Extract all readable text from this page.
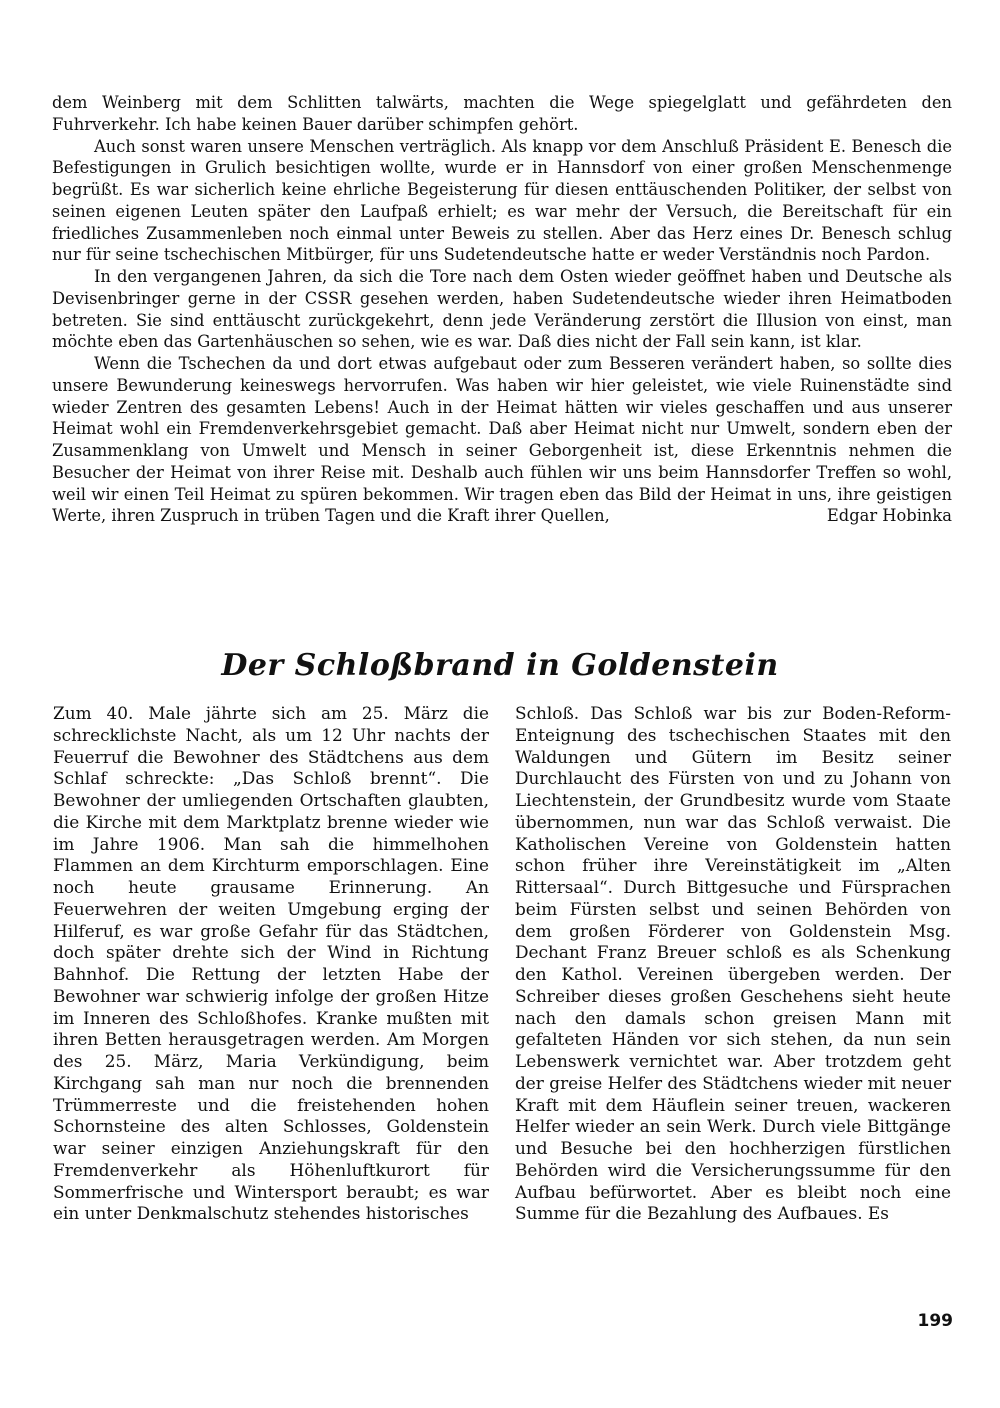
dem Weinberg mit dem Schlitten talwärts, machten die Wege spiegelglatt und gefährdeten den Fuhrverkehr. Ich habe keinen Bauer darüber schimpfen gehört.

Auch sonst waren unsere Menschen verträglich. Als knapp vor dem Anschluß Präsident E. Benesch die Befestigungen in Grulich besichtigen wollte, wurde er in Hannsdorf von einer großen Menschenmenge begrüßt. Es war sicherlich keine ehrliche Begeisterung für diesen enttäuschenden Politiker, der selbst von seinen eigenen Leuten später den Laufpaß erhielt; es war mehr der Versuch, die Bereitschaft für ein friedliches Zusammenleben noch einmal unter Beweis zu stellen. Aber das Herz eines Dr. Benesch schlug nur für seine tschechischen Mitbürger, für uns Sudetendeutsche hatte er weder Verständnis noch Pardon.

In den vergangenen Jahren, da sich die Tore nach dem Osten wieder geöffnet haben und Deutsche als Devisenbringer gerne in der CSSR gesehen werden, haben Sudetendeutsche wieder ihren Heimatboden betreten. Sie sind enttäuscht zurückgekehrt, denn jede Veränderung zerstört die Illusion von einst, man möchte eben das Gartenhäuschen so sehen, wie es war. Daß dies nicht der Fall sein kann, ist klar.

Wenn die Tschechen da und dort etwas aufgebaut oder zum Besseren verändert haben, so sollte dies unsere Bewunderung keineswegs hervorrufen. Was haben wir hier geleistet, wie viele Ruinenstädte sind wieder Zentren des gesamten Lebens! Auch in der Heimat hätten wir vieles geschaffen und aus unserer Heimat wohl ein Fremdenverkehrsgebiet gemacht. Daß aber Heimat nicht nur Umwelt, sondern eben der Zusammenklang von Umwelt und Mensch in seiner Geborgenheit ist, diese Erkenntnis nehmen die Besucher der Heimat von ihrer Reise mit. Deshalb auch fühlen wir uns beim Hannsdorfer Treffen so wohl, weil wir einen Teil Heimat zu spüren bekommen. Wir tragen eben das Bild der Heimat in uns, ihre geistigen Werte, ihren Zuspruch in trüben Tagen und die Kraft ihrer Quellen,	Edgar Hobinka

Der Schloßbrand in Goldenstein

Zum 40. Male jährte sich am 25. März die schrecklichste Nacht, als um 12 Uhr nachts der Feuerruf die Bewohner des Städtchens aus dem Schlaf schreckte: „Das Schloß brennt“. Die Bewohner der umliegenden Ortschaften glaubten, die Kirche mit dem Marktplatz brenne wieder wie im Jahre 1906. Man sah die himmelhohen Flammen an dem Kirchturm emporschlagen. Eine noch heute grausame Erinnerung. An Feuerwehren der weiten Umgebung erging der Hilferuf, es war große Gefahr für das Städtchen, doch später drehte sich der Wind in Richtung Bahnhof. Die Rettung der letzten Habe der Bewohner war schwierig infolge der großen Hitze im Inneren des Schloßhofes. Kranke mußten mit ihren Betten herausgetragen werden. Am Morgen des 25. März, Maria Verkündigung, beim Kirchgang sah man nur noch die brennenden Trümmerreste und die freistehenden hohen Schornsteine des alten Schlosses, Goldenstein war seiner einzigen Anziehungskraft für den Fremdenverkehr als Höhenluftkurort für Sommerfrische und Wintersport beraubt; es war ein unter Denkmalschutz stehendes historisches

Schloß. Das Schloß war bis zur Boden-Reform-Enteignung des tschechischen Staates mit den Waldungen und Gütern im Besitz seiner Durchlaucht des Fürsten von und zu Johann von Liechtenstein, der Grundbesitz wurde vom Staate übernommen, nun war das Schloß verwaist. Die Katholischen Vereine von Goldenstein hatten schon früher ihre Vereinstätigkeit im „Alten Rittersaal“. Durch Bittgesuche und Fürsprachen beim Fürsten selbst und seinen Behörden von dem großen Förderer von Goldenstein Msg. Dechant Franz Breuer schloß es als Schenkung den Kathol. Vereinen übergeben werden. Der Schreiber dieses großen Geschehens sieht heute nach den damals schon greisen Mann mit gefalteten Händen vor sich stehen, da nun sein Lebenswerk vernichtet war. Aber trotzdem geht der greise Helfer des Städtchens wieder mit neuer Kraft mit dem Häuflein seiner treuen, wackeren Helfer wieder an sein Werk. Durch viele Bittgänge und Besuche bei den hochherzigen fürstlichen Behörden wird die Versicherungssumme für den Aufbau befürwortet. Aber es bleibt noch eine Summe für die Bezahlung des Aufbaues. Es

199
